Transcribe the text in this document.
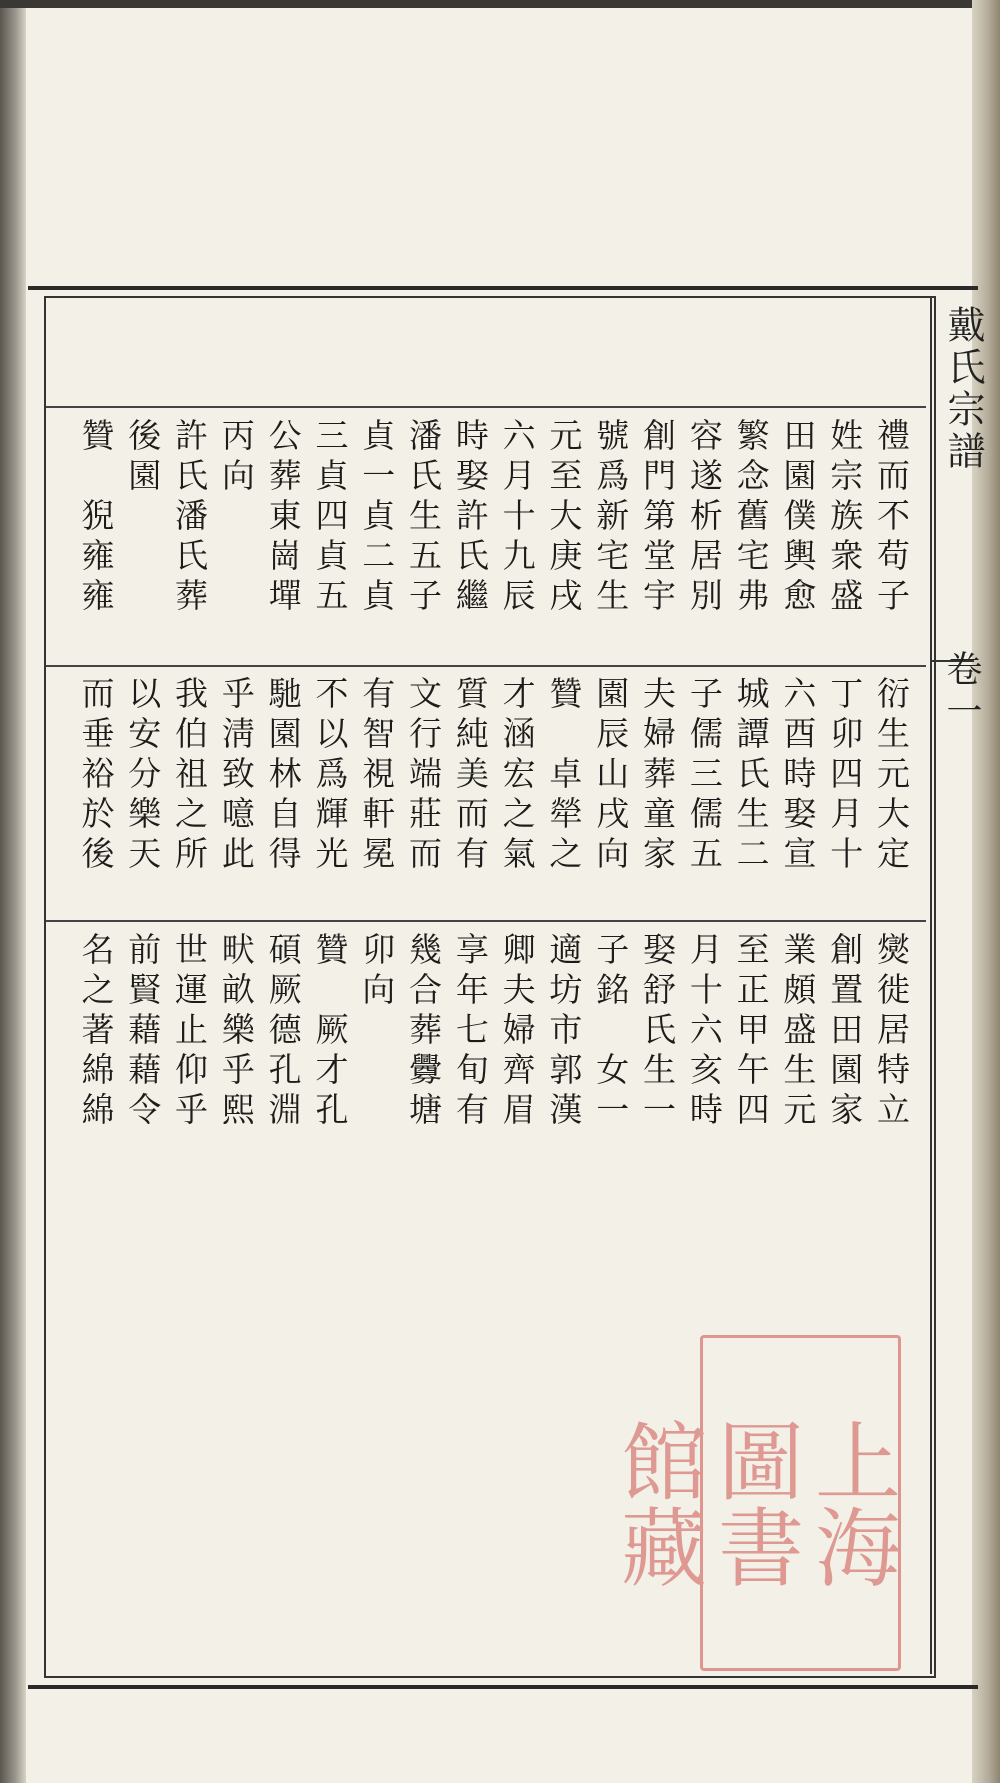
戴氏宗譜
卷一
禮而不苟子
姓宗族衆盛
田園僕輿愈
繁念舊宅弗
容遂析居別
創門第堂宇
號爲新宅生
元至大庚戌
六月十九辰
時娶許氏繼
潘氏生五子
貞一貞二貞
三貞四貞五
公葬東崗墠
丙向
許氏潘氏葬
後園
贊　猊雍雍
衍生元大定
丁卯四月十
六酉時娶宣
城譚氏生二
子儒三儒五
夫婦葬童家
園辰山戌向
贊　卓犖之
才涵宏之氣
質純美而有
文行端莊而
有智視軒冕
不以爲輝光
馳園林自得
乎淸致噫此
我伯祖之所
以安分樂天
而垂裕於後
爕徙居特立
創置田園家
業頗盛生元
至正甲午四
月十六亥時
娶舒氏生一
子銘　女一
適坊市郭漢
卿夫婦齊眉
享年七旬有
幾合葬釁塘
卯向
贊　厥才孔
碩厥德孔淵
畎畝樂乎熙
世運止仰乎
前賢藉藉令
名之著綿綿
上海
圖書
館藏
